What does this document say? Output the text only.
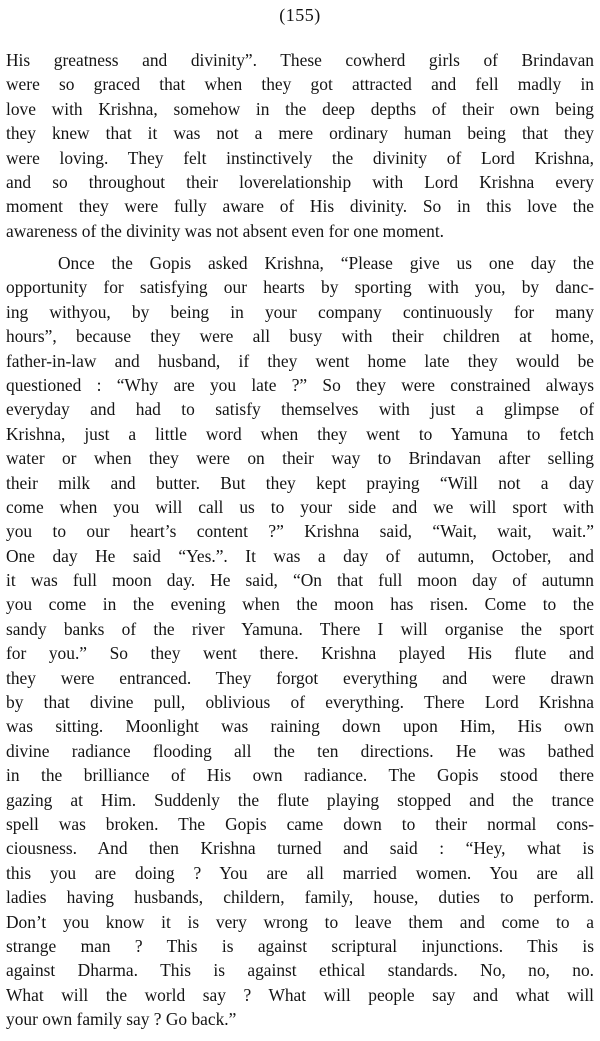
(155)
His greatness and divinity”. These cowherd girls of Brindavan
were so graced that when they got attracted and fell madly in
love with Krishna, somehow in the deep depths of their own being
they knew that it was not a mere ordinary human being that they
were loving. They felt instinctively the divinity of Lord Krishna,
and so throughout their loverelationship with Lord Krishna every
moment they were fully aware of His divinity. So in this love the
awareness of the divinity was not absent even for one moment.
Once the Gopis asked Krishna, “Please give us one day the
opportunity for satisfying our hearts by sporting with you, by danc-
ing withyou, by being in your company continuously for many
hours”, because they were all busy with their children at home,
father-in-law and husband, if they went home late they would be
questioned : “Why are you late ?” So they were constrained always
everyday and had to satisfy themselves with just a glimpse of
Krishna, just a little word when they went to Yamuna to fetch
water or when they were on their way to Brindavan after selling
their milk and butter. But they kept praying “Will not a day
come when you will call us to your side and we will sport with
you to our heart’s content ?” Krishna said, “Wait, wait, wait.”
One day He said “Yes.”. It was a day of autumn, October, and
it was full moon day. He said, “On that full moon day of autumn
you come in the evening when the moon has risen. Come to the
sandy banks of the river Yamuna. There I will organise the sport
for you.” So they went there. Krishna played His flute and
they were entranced. They forgot everything and were drawn
by that divine pull, oblivious of everything. There Lord Krishna
was sitting. Moonlight was raining down upon Him, His own
divine radiance flooding all the ten directions. He was bathed
in the brilliance of His own radiance. The Gopis stood there
gazing at Him. Suddenly the flute playing stopped and the trance
spell was broken. The Gopis came down to their normal cons-
ciousness. And then Krishna turned and said : “Hey, what is
this you are doing ? You are all married women. You are all
ladies having husbands, childern, family, house, duties to perform.
Don’t you know it is very wrong to leave them and come to a
strange man ? This is against scriptural injunctions. This is
against Dharma. This is against ethical standards. No, no, no.
What will the world say ? What will people say and what will
your own family say ? Go back.”
